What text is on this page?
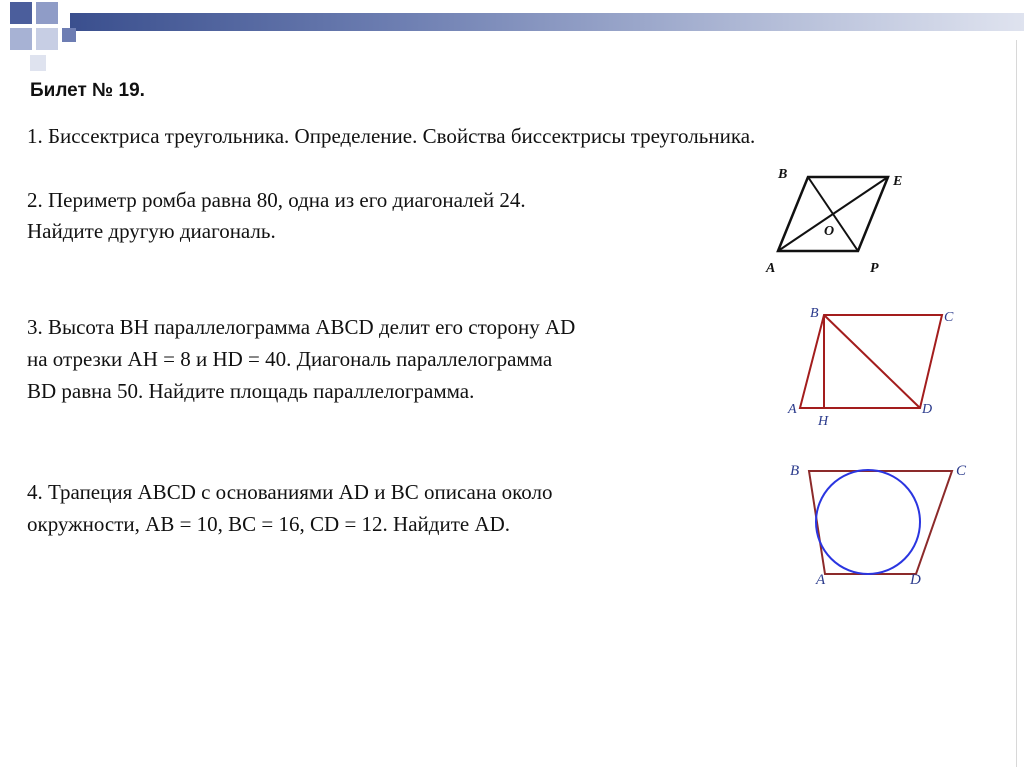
Билет № 19.
1. Биссектриса треугольника. Определение. Свойства биссектрисы треугольника.
2. Периметр ромба равна 80, одна из его диагоналей 24.
Найдите другую диагональ.
3. Высота ВН параллелограмма ABCD делит его сторону AD
на отрезки АН = 8 и HD = 40. Диагональ параллелограмма
BD равна 50. Найдите площадь параллелограмма.
4. Трапеция ABCD с основаниями AD и ВС описана около
окружности, АВ = 10, ВС = 16, CD = 12. Найдите AD.
B	E
O
A	P
B	C
A
H
D
B	C
A	D
